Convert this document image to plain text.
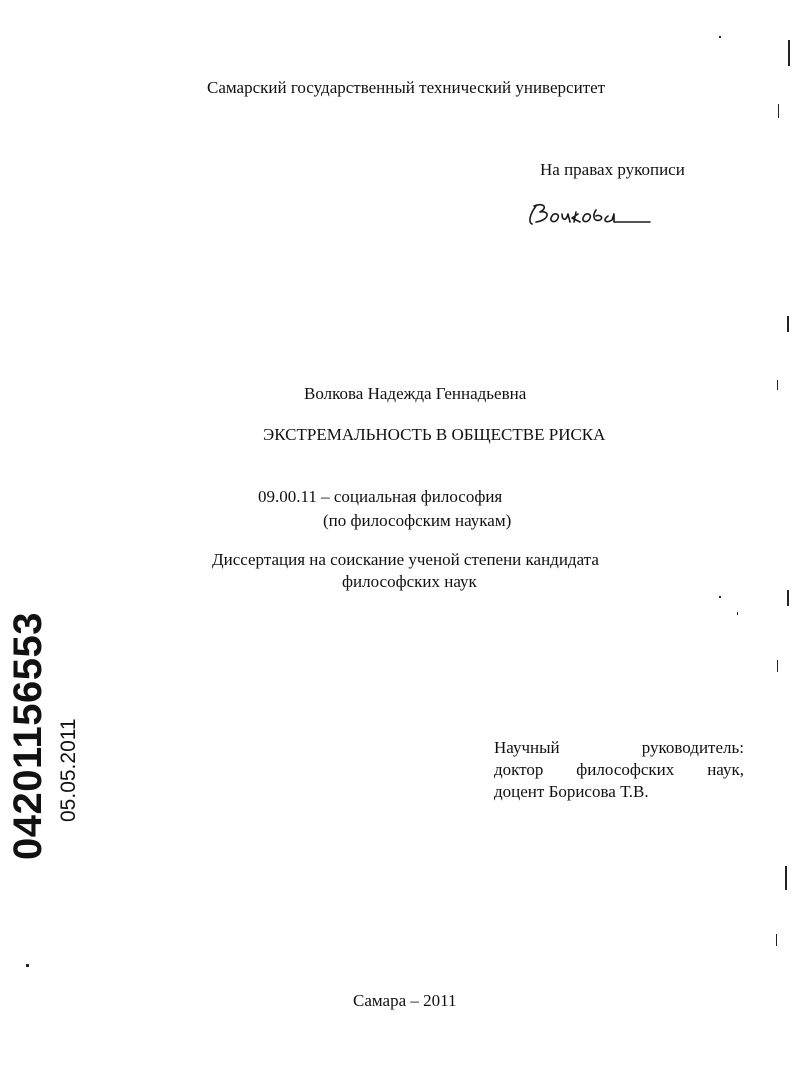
Самарский государственный технический университет
На правах рукописи
Волкова Надежда Геннадьевна
ЭКСТРЕМАЛЬНОСТЬ В ОБЩЕСТВЕ РИСКА
09.00.11 – социальная философия
(по философским наукам)
Диссертация на соискание ученой степени кандидата
философских наук
Научный	руководитель:
доктор философских наук,
доцент Борисова Т.В.
Самара – 2011
04201156553 05.05.2011
